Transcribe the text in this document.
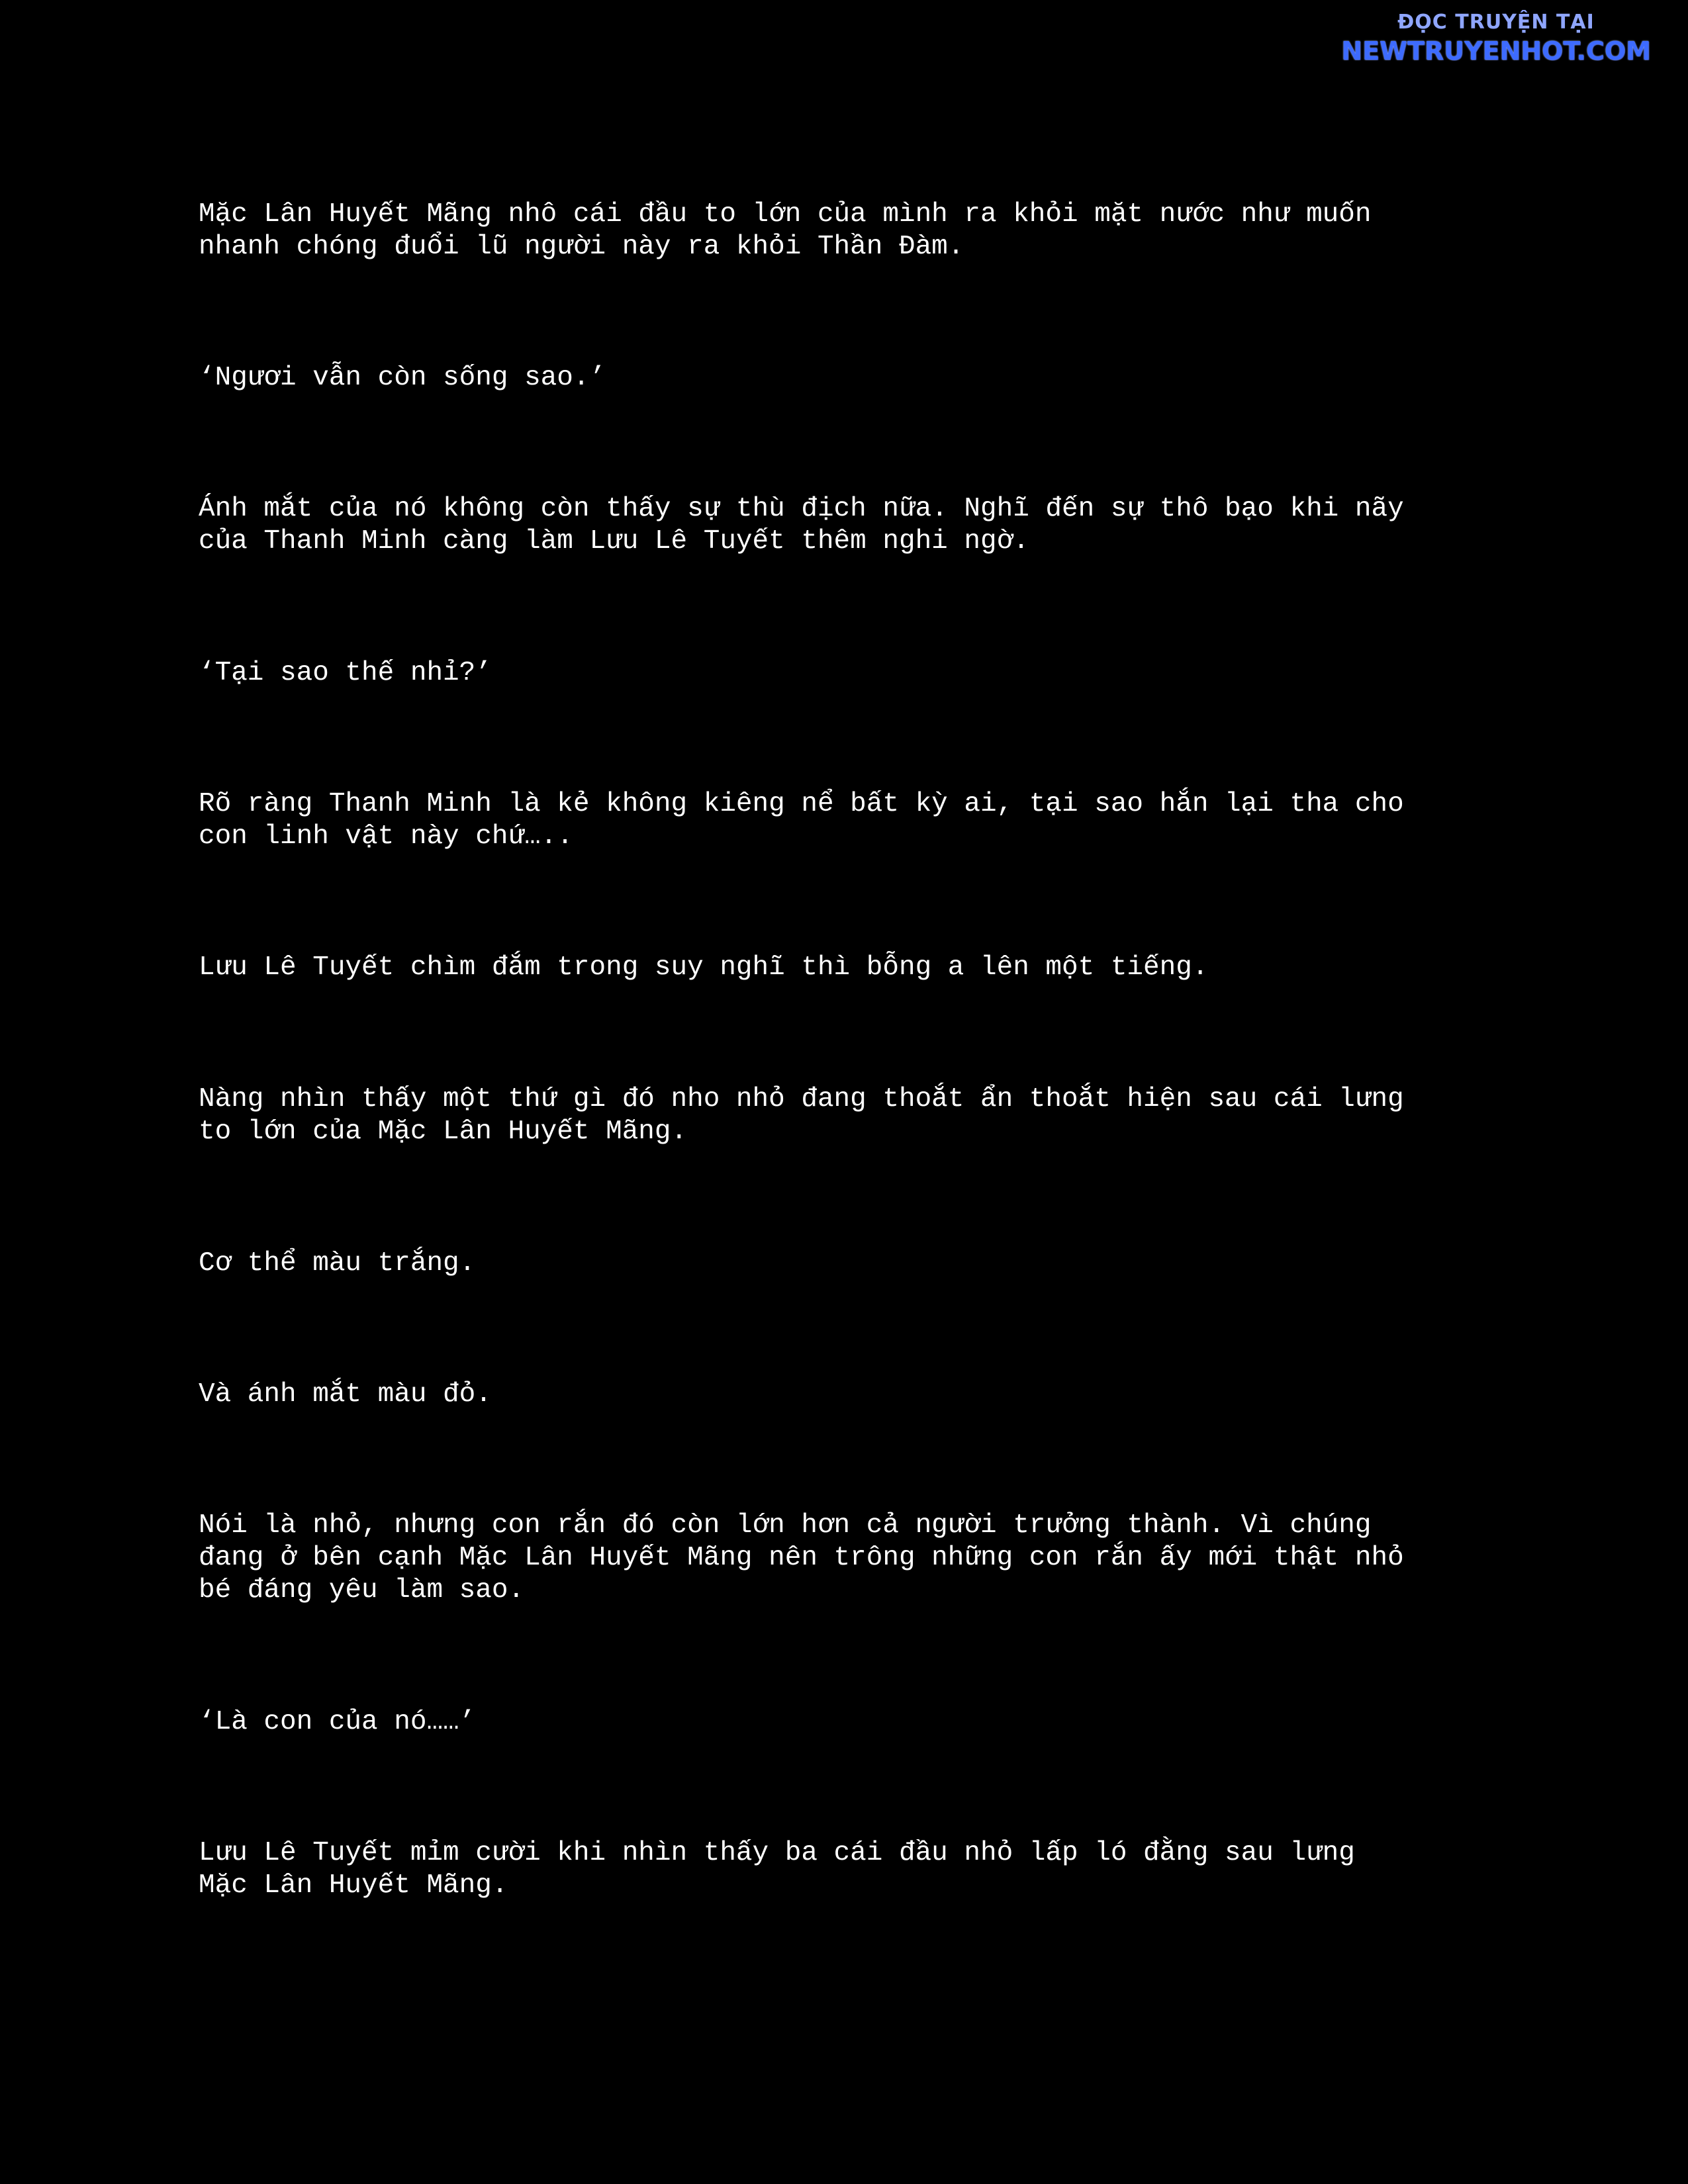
ĐỌC TRUYỆN TẠI
NEWTRUYENHOT.COM

Mặc Lân Huyết Mãng nhô cái đầu to lớn của mình ra khỏi mặt nước như muốn
nhanh chóng đuổi lũ người này ra khỏi Thần Đàm.

‘Ngươi vẫn còn sống sao.’

Ánh mắt của nó không còn thấy sự thù địch nữa. Nghĩ đến sự thô bạo khi nãy
của Thanh Minh càng làm Lưu Lê Tuyết thêm nghi ngờ.

‘Tại sao thế nhỉ?’

Rõ ràng Thanh Minh là kẻ không kiêng nể bất kỳ ai, tại sao hắn lại tha cho
con linh vật này chứ…..

Lưu Lê Tuyết chìm đắm trong suy nghĩ thì bỗng a lên một tiếng.

Nàng nhìn thấy một thứ gì đó nho nhỏ đang thoắt ẩn thoắt hiện sau cái lưng
to lớn của Mặc Lân Huyết Mãng.

Cơ thể màu trắng.

Và ánh mắt màu đỏ.

Nói là nhỏ, nhưng con rắn đó còn lớn hơn cả người trưởng thành. Vì chúng
đang ở bên cạnh Mặc Lân Huyết Mãng nên trông những con rắn ấy mới thật nhỏ
bé đáng yêu làm sao.

‘Là con của nó……’

Lưu Lê Tuyết mỉm cười khi nhìn thấy ba cái đầu nhỏ lấp ló đằng sau lưng
Mặc Lân Huyết Mãng.
